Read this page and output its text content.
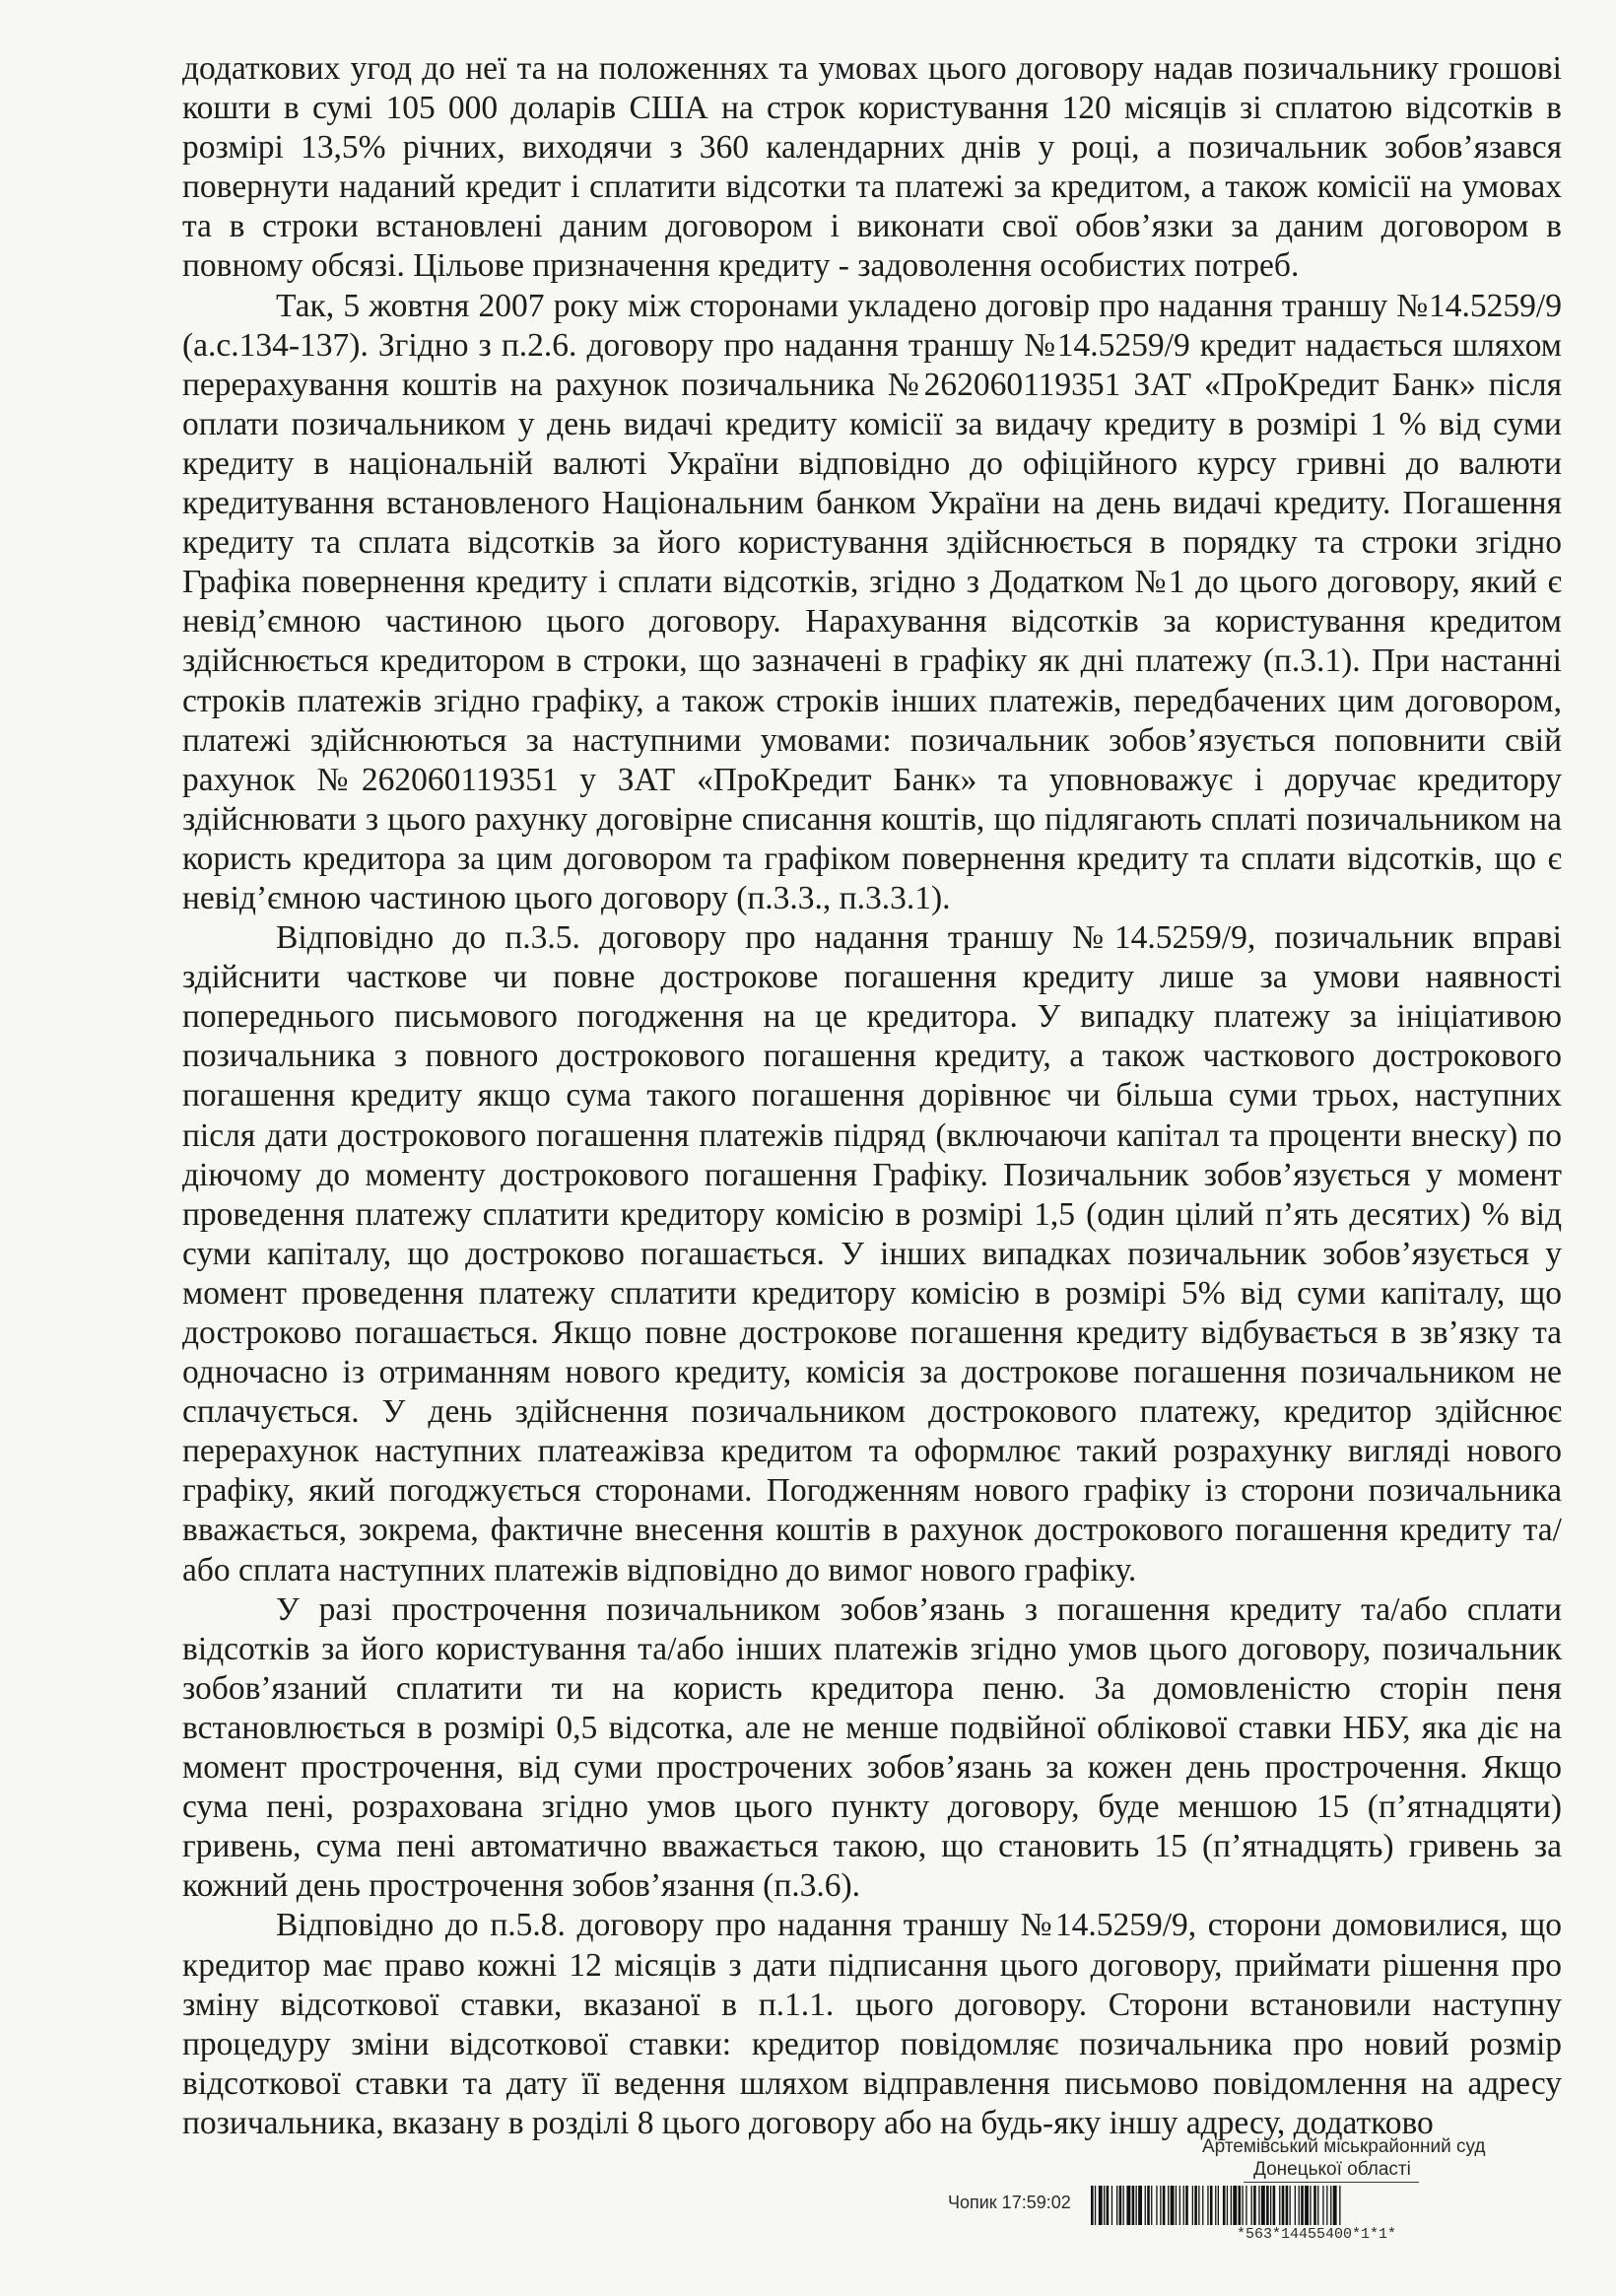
додаткових угод до неї та на положеннях та умовах цього договору надав позичальнику грошові кошти в сумі 105 000 доларів США на строк користування 120 місяців зі сплатою відсотків в розмірі 13,5% річних, виходячи з 360 календарних днів у році, а позичальник зобов’язався повернути наданий кредит і сплатити відсотки та платежі за кредитом, а також комісії на умовах та в строки встановлені даним договором і виконати свої обов’язки за даним договором в повному обсязі. Цільове призначення кредиту - задоволення особистих потреб.

Так, 5 жовтня 2007 року між сторонами укладено договір про надання траншу №14.5259/9 (а.с.134-137). Згідно з п.2.6. договору про надання траншу №14.5259/9 кредит надається шляхом перерахування коштів на рахунок позичальника №262060119351 ЗАТ «ПроКредит Банк» після оплати позичальником у день видачі кредиту комісії за видачу кредиту в розмірі 1 % від суми кредиту в національній валюті України відповідно до офіційного курсу гривні до валюти кредитування встановленого Національним банком України на день видачі кредиту. Погашення кредиту та сплата відсотків за його користування здійснюється в порядку та строки згідно Графіка повернення кредиту і сплати відсотків, згідно з Додатком №1 до цього договору, який є невід’ємною частиною цього договору. Нарахування відсотків за користування кредитом здійснюється кредитором в строки, що зазначені в графіку як дні платежу (п.3.1). При настанні строків платежів згідно графіку, а також строків інших платежів, передбачених цим договором, платежі здійснюються за наступними умовами: позичальник зобов’язується поповнити свій рахунок №262060119351 у ЗАТ «ПроКредит Банк» та уповноважує і доручає кредитору здійснювати з цього рахунку договірне списання коштів, що підлягають сплаті позичальником на користь кредитора за цим договором та графіком повернення кредиту та сплати відсотків, що є невід’ємною частиною цього договору (п.3.3., п.3.3.1).

Відповідно до п.3.5. договору про надання траншу №14.5259/9, позичальник вправі здійснити часткове чи повне дострокове погашення кредиту лише за умови наявності попереднього письмового погодження на це кредитора. У випадку платежу за ініціативою позичальника з повного дострокового погашення кредиту, а також часткового дострокового погашення кредиту якщо сума такого погашення дорівнює чи більша суми трьох, наступних після дати дострокового погашення платежів підряд (включаючи капітал та проценти внеску) по діючому до моменту дострокового погашення Графіку. Позичальник зобов’язується у момент проведення платежу сплатити кредитору комісію в розмірі 1,5 (один цілий п’ять десятих) % від суми капіталу, що достроково погашається. У інших випадках позичальник зобов’язується у момент проведення платежу сплатити кредитору комісію в розмірі 5% від суми капіталу, що достроково погашається. Якщо повне дострокове погашення кредиту відбувається в зв’язку та одночасно із отриманням нового кредиту, комісія за дострокове погашення позичальником не сплачується. У день здійснення позичальником дострокового платежу, кредитор здійснює перерахунок наступних платеажівза кредитом та оформлює такий розрахунку вигляді нового графіку, який погоджується сторонами. Погодженням нового графіку із сторони позичальника вважається, зокрема, фактичне внесення коштів в рахунок дострокового погашення кредиту та/або сплата наступних платежів відповідно до вимог нового графіку.

У разі прострочення позичальником зобов’язань з погашення кредиту та/або сплати відсотків за його користування та/або інших платежів згідно умов цього договору, позичальник зобов’язаний сплатити ти на користь кредитора пеню. За домовленістю сторін пеня встановлюється в розмірі 0,5 відсотка, але не менше подвійної облікової ставки НБУ, яка діє на момент прострочення, від суми прострочених зобов’язань за кожен день прострочення. Якщо сума пені, розрахована згідно умов цього пункту договору, буде меншою 15 (п’ятнадцяти) гривень, сума пені автоматично вважається такою, що становить 15 (п’ятнадцять) гривень за кожний день прострочення зобов’язання (п.3.6).

Відповідно до п.5.8. договору про надання траншу №14.5259/9, сторони домовилися, що кредитор має право кожні 12 місяців з дати підписання цього договору, приймати рішення про зміну відсоткової ставки, вказаної в п.1.1. цього договору. Сторони встановили наступну процедуру зміни відсоткової ставки: кредитор повідомляє позичальника про новий розмір відсоткової ставки та дату її ведення шляхом відправлення письмово повідомлення на адресу позичальника, вказану в розділі 8 цього договору або на будь-яку іншу адресу, додатково

Артемівський міськрайонний суд
Донецької області
Чопик 17:59:02
*563*14455400*1*1*
